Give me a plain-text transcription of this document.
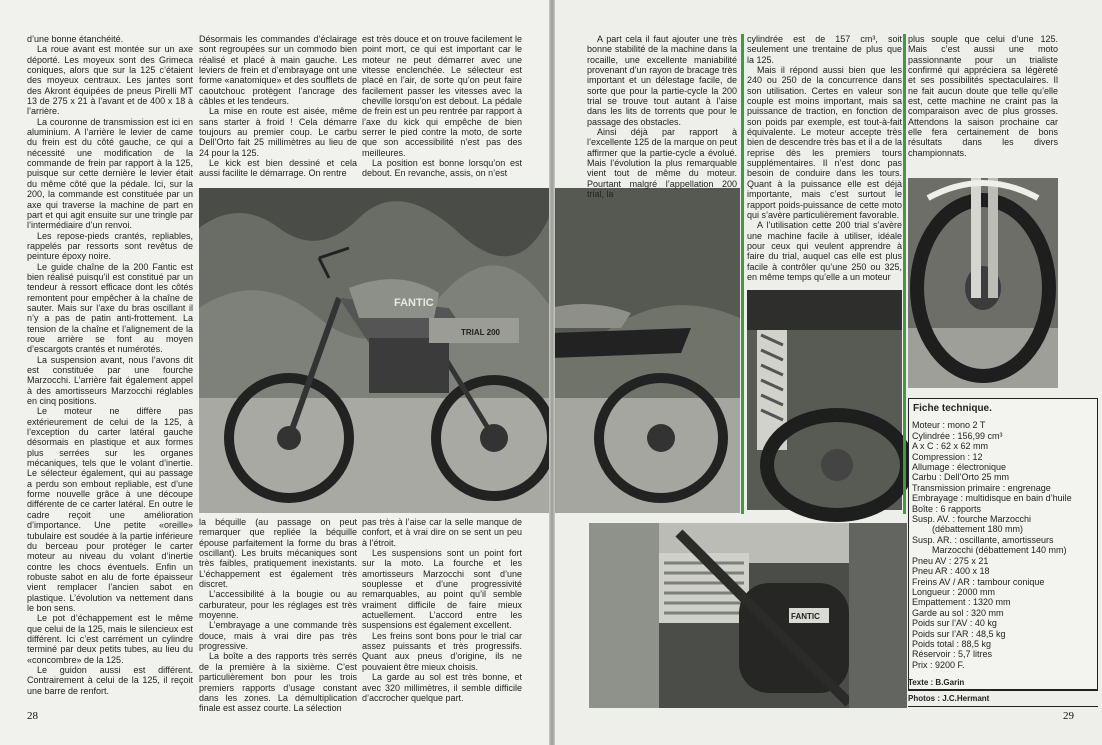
d’une bonne étanchéité.

La roue avant est montée sur un axe déporté. Les moyeux sont des Grimeca coniques, alors que sur la 125 c’étaient des moyeux centraux. Les jantes sont des Akront équipées de pneus Pirelli MT 13 de 275 x 21 à l’avant et de 400 x 18 à l’arrière.

La couronne de transmission est ici en aluminium. A l’arrière le levier de came du frein est du côté gauche, ce qui a nécessité une modification de la commande de frein par rapport à la 125, puisque sur cette dernière le levier était du même côté que la pédale. Ici, sur la 200, la commande est constituée par un axe qui traverse la machine de part en part et qui agit ensuite sur une tringle par l’intermédiaire d’un renvoi.

Les repose-pieds crantés, repliables, rappelés par ressorts sont revêtus de peinture époxy noire.

Le guide chaîne de la 200 Fantic est bien réalisé puisqu’il est constitué par un tendeur à ressort efficace dont les côtés remontent pour empêcher à la chaîne de sauter. Mais sur l’axe du bras oscillant il n’y a pas de patin anti-frottement. La tension de la chaîne et l’alignement de la roue arrière se font au moyen d’escargots crantés et numérotés.

La suspension avant, nous l’avons dit est constituée par une fourche Marzocchi. L’arrière fait également appel à des amortisseurs Marzocchi réglables en cinq positions.

Le moteur ne diffère pas extérieurement de celui de la 125, à l’exception du carter latéral gauche désormais en plastique et aux formes plus serrées sur les organes mécaniques, tels que le volant d’inertie. Le sélecteur également, qui au passage a perdu son embout repliable, est d’une forme nouvelle grâce à une découpe différente de ce carter latéral. En outre le cadre reçoit une amélioration d’importance. Une petite «oreille» tubulaire est soudée à la partie inférieure du berceau pour protéger le carter moteur au niveau du volant d’inertie contre les chocs éventuels. Enfin un robuste sabot en alu de forte épaisseur vient remplacer l’ancien sabot en plastique. L’évolution va nettement dans le bon sens.

Le pot d’échappement est le même que celui de la 125, mais le silencieux est différent. Ici c’est carrément un cylindre terminé par deux petits tubes, au lieu du «concombre» de la 125.

Le guidon aussi est différent. Contrairement à celui de la 125, il reçoit une barre de renfort.

Désormais les commandes d’éclairage sont regroupées sur un commodo bien réalisé et placé à main gauche. Les leviers de frein et d’embrayage ont une forme «anatomique» et des soufflets de caoutchouc protègent l’ancrage des câbles et les tendeurs.

La mise en route est aisée, même sans starter à froid ! Cela démarre toujours au premier coup. Le carbu Dell’Orto fait 25 millimètres au lieu de 24 pour la 125.

Le kick est bien dessiné et cela aussi facilite le démarrage. On rentre

est très douce et on trouve facilement le point mort, ce qui est important car le moteur ne peut démarrer avec une vitesse enclenchée. Le sélecteur est placé en l’air, de sorte qu’on peut faire facilement passer les vitesses avec la cheville lorsqu’on est debout. La pédale de frein est un peu rentrée par rapport à l’axe du kick qui empêche de bien serrer le pied contre la moto, de sorte que son accessibilité n’est pas des meilleures.

La position est bonne lorsqu’on est debout. En revanche, assis, on n’est

FANTIC
TRIAL 200

la béquille (au passage on peut remarquer que repliée la béquille épouse parfaitement la forme du bras oscillant). Les bruits mécaniques sont très faibles, pratiquement inexistants. L’échappement est également très discret.

L’accessibilité à la bougie ou au carburateur, pour les réglages est très moyenne.

L’embrayage a une commande très douce, mais à vrai dire pas très progressive.

La boîte a des rapports très serrés de la première à la sixième. C’est particulièrement bon pour les trois premiers rapports d’usage constant dans les zones. La démultiplication finale est assez courte. La sélection

pas très à l’aise car la selle manque de confort, et à vrai dire on se sent un peu à l’étroit.

Les suspensions sont un point fort sur la moto. La fourche et les amortisseurs Marzocchi sont d’une souplesse et d’une progressivité remarquables, au point qu’il semble vraiment difficile de faire mieux actuellement. L’accord entre les suspensions est également excellent.

Les freins sont bons pour le trial car assez puissants et très progressifs. Quant aux pneus d’origine, ils ne pouvaient être mieux choisis.

La garde au sol est très bonne, et avec 320 millimètres, il semble difficile d’accrocher quelque part.

28

A part cela il faut ajouter une très bonne stabilité de la machine dans la rocaille, une excellente maniabilité provenant d’un rayon de bracage très important et un délestage facile, de sorte que pour la partie-cycle la 200 trial se trouve tout autant à l’aise dans les lits de torrents que pour le passage des obstacles.

Ainsi déjà par rapport à l’excellente 125 de la marque on peut affirmer que la partie-cycle a évolué. Mais l’évolution la plus remarquable vient tout de même du moteur. Pourtant malgré l’appellation 200 trial, la

cylindrée est de 157 cm³, soit seulement une trentaine de plus que la 125.

Mais il répond aussi bien que les 240 ou 250 de la concurrence dans son utilisation. Certes en valeur son couple est moins important, mais sa puissance de traction, en fonction de son poids par exemple, est tout-à-fait équivalente. Le moteur accepte très bien de descendre très bas et il a de la reprise dès les premiers tours supplémentaires. Il n’est donc pas besoin de conduire dans les tours. Quant à la puissance elle est déjà importante, mais c’est surtout le rapport poids-puissance de cette moto qui s’avère particulièrement favorable.

A l’utilisation cette 200 trial s’avère une machine facile à utiliser, idéale pour ceux qui veulent apprendre à faire du trial, auquel cas elle est plus facile à contrôler qu’une 250 ou 325, en même temps qu’elle a un moteur

plus souple que celui d’une 125. Mais c’est aussi une moto passionnante pour un trialiste confirmé qui appréciera sa légèreté et ses possibilités spectaculaires. Il ne fait aucun doute que telle qu’elle est, cette machine ne craint pas la comparaison avec de plus grosses. Attendons la saison prochaine car elle fera certainement de bons résultats dans les divers championnats.

FANTIC
Fiche technique.
Moteur : mono 2 T
Cylindrée : 156,99 cm³
A x C : 62 x 62 mm
Compression : 12
Allumage : électronique
Carbu : Dell’Orto 25 mm
Transmission primaire : engrenage
Embrayage : multidisque en bain d’huile
Boîte : 6 rapports
Susp. AV. : fourche Marzocchi
(débattement 180 mm)
Susp. AR. : oscillante, amortisseurs
Marzocchi (débattement 140 mm)
Pneu AV : 275 x 21
Pneu AR : 400 x 18
Freins AV / AR : tambour conique
Longueur : 2000 mm
Empattement : 1320 mm
Garde au sol : 320 mm
Poids sur l’AV : 40 kg
Poids sur l’AR : 48,5 kg
Poids total : 88,5 kg
Réservoir : 5,7 litres
Prix : 9200 F.
Texte : B.Garin
Photos : J.C.Hermant
29
